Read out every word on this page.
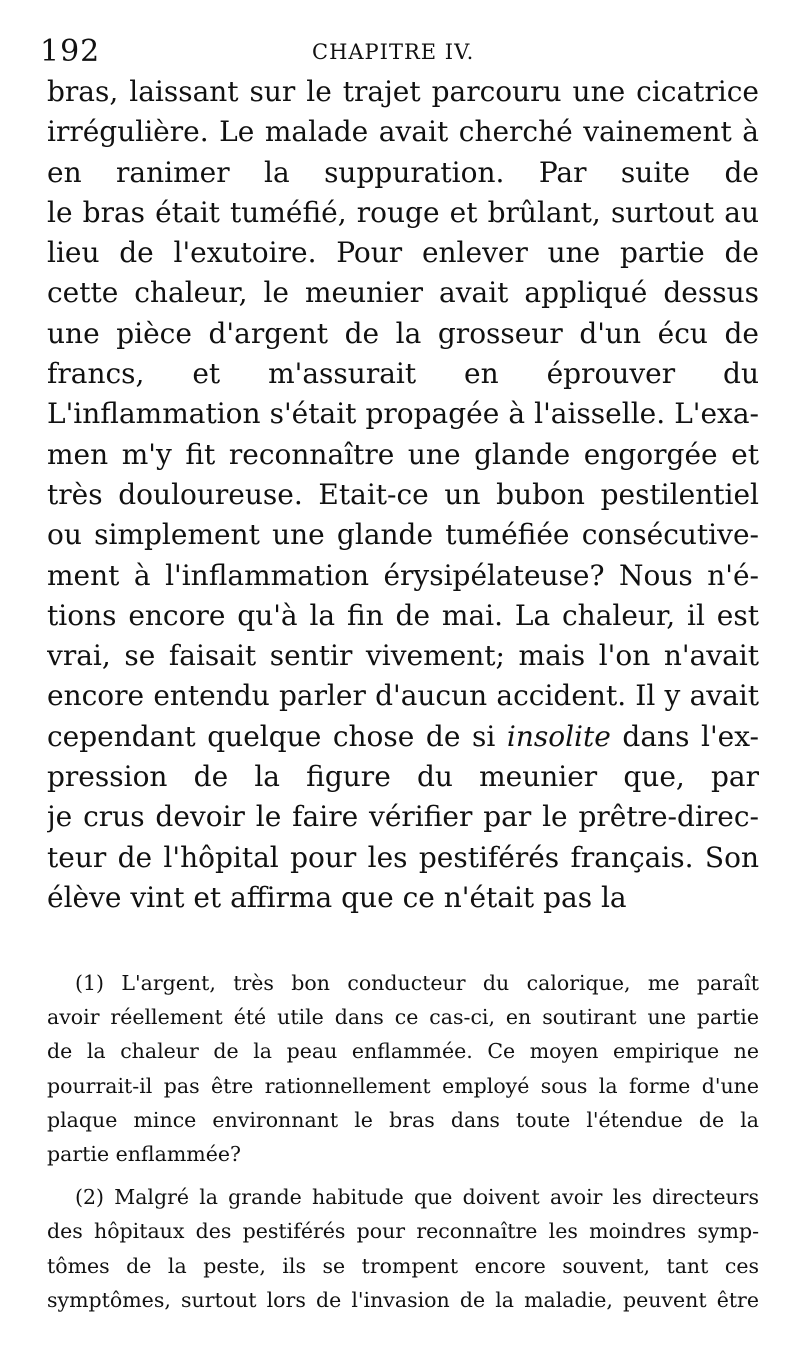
192	CHAPITRE IV.
bras, laissant sur le trajet parcouru une cicatrice
irrégulière. Le malade avait cherché vainement à
en ranimer la suppuration. Par suite de
le bras était tuméfié, rouge et brûlant, surtout au
lieu de l'exutoire. Pour enlever une partie de
cette chaleur, le meunier avait appliqué dessus
une pièce d'argent de la grosseur d'un écu de
francs, et m'assurait en éprouver du
L'inflammation s'était propagée à l'aisselle. L'exa-
men m'y fit reconnaître une glande engorgée et
très douloureuse. Etait-ce un bubon pestilentiel
ou simplement une glande tuméfiée consécutive-
ment à l'inflammation érysipélateuse? Nous n'é-
tions encore qu'à la fin de mai. La chaleur, il est
vrai, se faisait sentir vivement; mais l'on n'avait
encore entendu parler d'aucun accident. Il y avait
cependant quelque chose de si insolite dans l'ex-
pression de la figure du meunier que, par
je crus devoir le faire vérifier par le prêtre-direc-
teur de l'hôpital pour les pestiférés français. Son
élève vint et affirma que ce n'était pas la
(1) L'argent, très bon conducteur du calorique, me paraît
avoir réellement été utile dans ce cas-ci, en soutirant une partie
de la chaleur de la peau enflammée. Ce moyen empirique ne
pourrait-il pas être rationnellement employé sous la forme d'une
plaque mince environnant le bras dans toute l'étendue de la
partie enflammée?
(2) Malgré la grande habitude que doivent avoir les directeurs
des hôpitaux des pestiférés pour reconnaître les moindres symp-
tômes de la peste, ils se trompent encore souvent, tant ces
symptômes, surtout lors de l'invasion de la maladie, peuvent être
